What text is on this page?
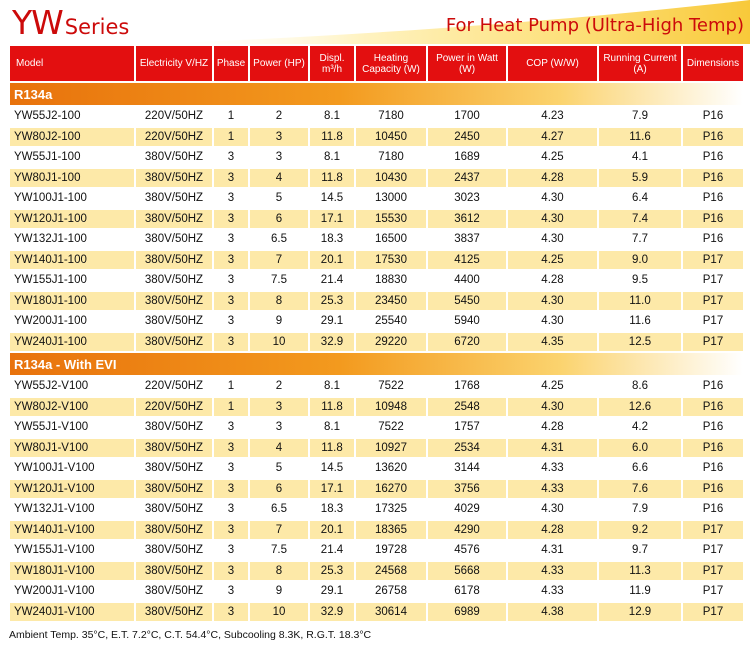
YWSeries	For Heat Pump (Ultra-High Temp)
Model	Electricity V/HZ	Phase	Power (HP)	Displ. m³/h	Heating Capacity (W)	Power in Watt (W)	COP (W/W)	Running Current (A)	Dimensions
R134a									
YW55J2-100	220V/50HZ	1	2	8.1	7180	1700	4.23	7.9	P16
YW80J2-100	220V/50HZ	1	3	11.8	10450	2450	4.27	11.6	P16
YW55J1-100	380V/50HZ	3	3	8.1	7180	1689	4.25	4.1	P16
YW80J1-100	380V/50HZ	3	4	11.8	10430	2437	4.28	5.9	P16
YW100J1-100	380V/50HZ	3	5	14.5	13000	3023	4.30	6.4	P16
YW120J1-100	380V/50HZ	3	6	17.1	15530	3612	4.30	7.4	P16
YW132J1-100	380V/50HZ	3	6.5	18.3	16500	3837	4.30	7.7	P16
YW140J1-100	380V/50HZ	3	7	20.1	17530	4125	4.25	9.0	P17
YW155J1-100	380V/50HZ	3	7.5	21.4	18830	4400	4.28	9.5	P17
YW180J1-100	380V/50HZ	3	8	25.3	23450	5450	4.30	11.0	P17
YW200J1-100	380V/50HZ	3	9	29.1	25540	5940	4.30	11.6	P17
YW240J1-100	380V/50HZ	3	10	32.9	29220	6720	4.35	12.5	P17
R134a - With EVI									
YW55J2-V100	220V/50HZ	1	2	8.1	7522	1768	4.25	8.6	P16
YW80J2-V100	220V/50HZ	1	3	11.8	10948	2548	4.30	12.6	P16
YW55J1-V100	380V/50HZ	3	3	8.1	7522	1757	4.28	4.2	P16
YW80J1-V100	380V/50HZ	3	4	11.8	10927	2534	4.31	6.0	P16
YW100J1-V100	380V/50HZ	3	5	14.5	13620	3144	4.33	6.6	P16
YW120J1-V100	380V/50HZ	3	6	17.1	16270	3756	4.33	7.6	P16
YW132J1-V100	380V/50HZ	3	6.5	18.3	17325	4029	4.30	7.9	P16
YW140J1-V100	380V/50HZ	3	7	20.1	18365	4290	4.28	9.2	P17
YW155J1-V100	380V/50HZ	3	7.5	21.4	19728	4576	4.31	9.7	P17
YW180J1-V100	380V/50HZ	3	8	25.3	24568	5668	4.33	11.3	P17
YW200J1-V100	380V/50HZ	3	9	29.1	26758	6178	4.33	11.9	P17
YW240J1-V100	380V/50HZ	3	10	32.9	30614	6989	4.38	12.9	P17
Ambient Temp. 35°C, E.T. 7.2°C, C.T. 54.4°C, Subcooling 8.3K, R.G.T. 18.3°C
